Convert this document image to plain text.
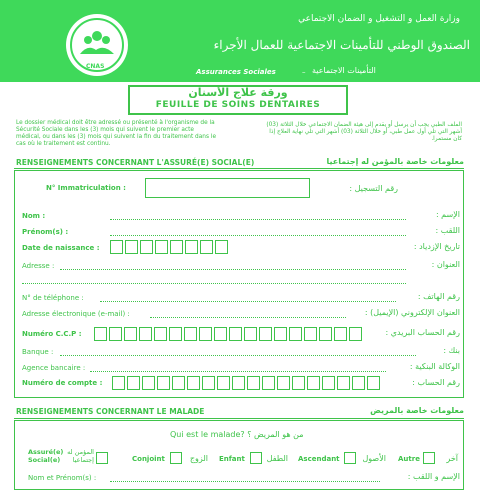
CNAS
وزارة العمل و التشغيل و الضمان الاجتماعي
الصندوق الوطني للتأمينات الاجتماعية للعمال الأجراء
Assurances Sociales	– التأمينات الاجتماعية
ورقة علاج الأسنان
FEUILLE DE SOINS DENTAIRES
Le dossier médical doit être adressé ou présenté à l'organisme de la Sécurité Sociale dans les (3) mois qui suivent le premier acte médical, ou dans les (3) mois qui suivent la fin du traitement dans le cas où le traitement est continu.
الملف الطبي يجب أن يرسل أو يقدم إلى هيئة الضمان الاجتماعي خلال الثلاثة (03) أشهر التي تلي أول عمل طبي، أو خلال الثلاثة (03) أشهر التي تلي نهاية العلاج إذا كان مستمرا.
RENSEIGNEMENTS CONCERNANT L'ASSURÉ(E) SOCIAL(E)	معلومات خاصة بالمؤمن له إجتماعيا
N° Immatriculation :	رقم التسجيل :
Nom :	الإسم :
Prénom(s) :	اللقب :
Date de naissance :	تاريخ الإزدياد :
Adresse :	العنوان :
N° de téléphone :	رقم الهاتف :
Adresse électronique (e-mail) :	العنوان الإلكتروني (الإيميل) :
Numéro C.C.P :	رقم الحساب البريدي :
Banque :	بنك :
Agence bancaire :	الوكالة البنكية :
Numéro de compte :	رقم الحساب :
RENSEIGNEMENTS CONCERNANT LE MALADE	معلومات خاصة بالمريض
Qui est le malade? من هو المريض ؟
Assuré(e) Social(e)
المؤمن له إجتماعيا	Conjoint	الزوج Enfant	الطفل Ascendant	الأصول Autre	آخر
Nom et Prénom(s) :	الإسم و اللقب :
